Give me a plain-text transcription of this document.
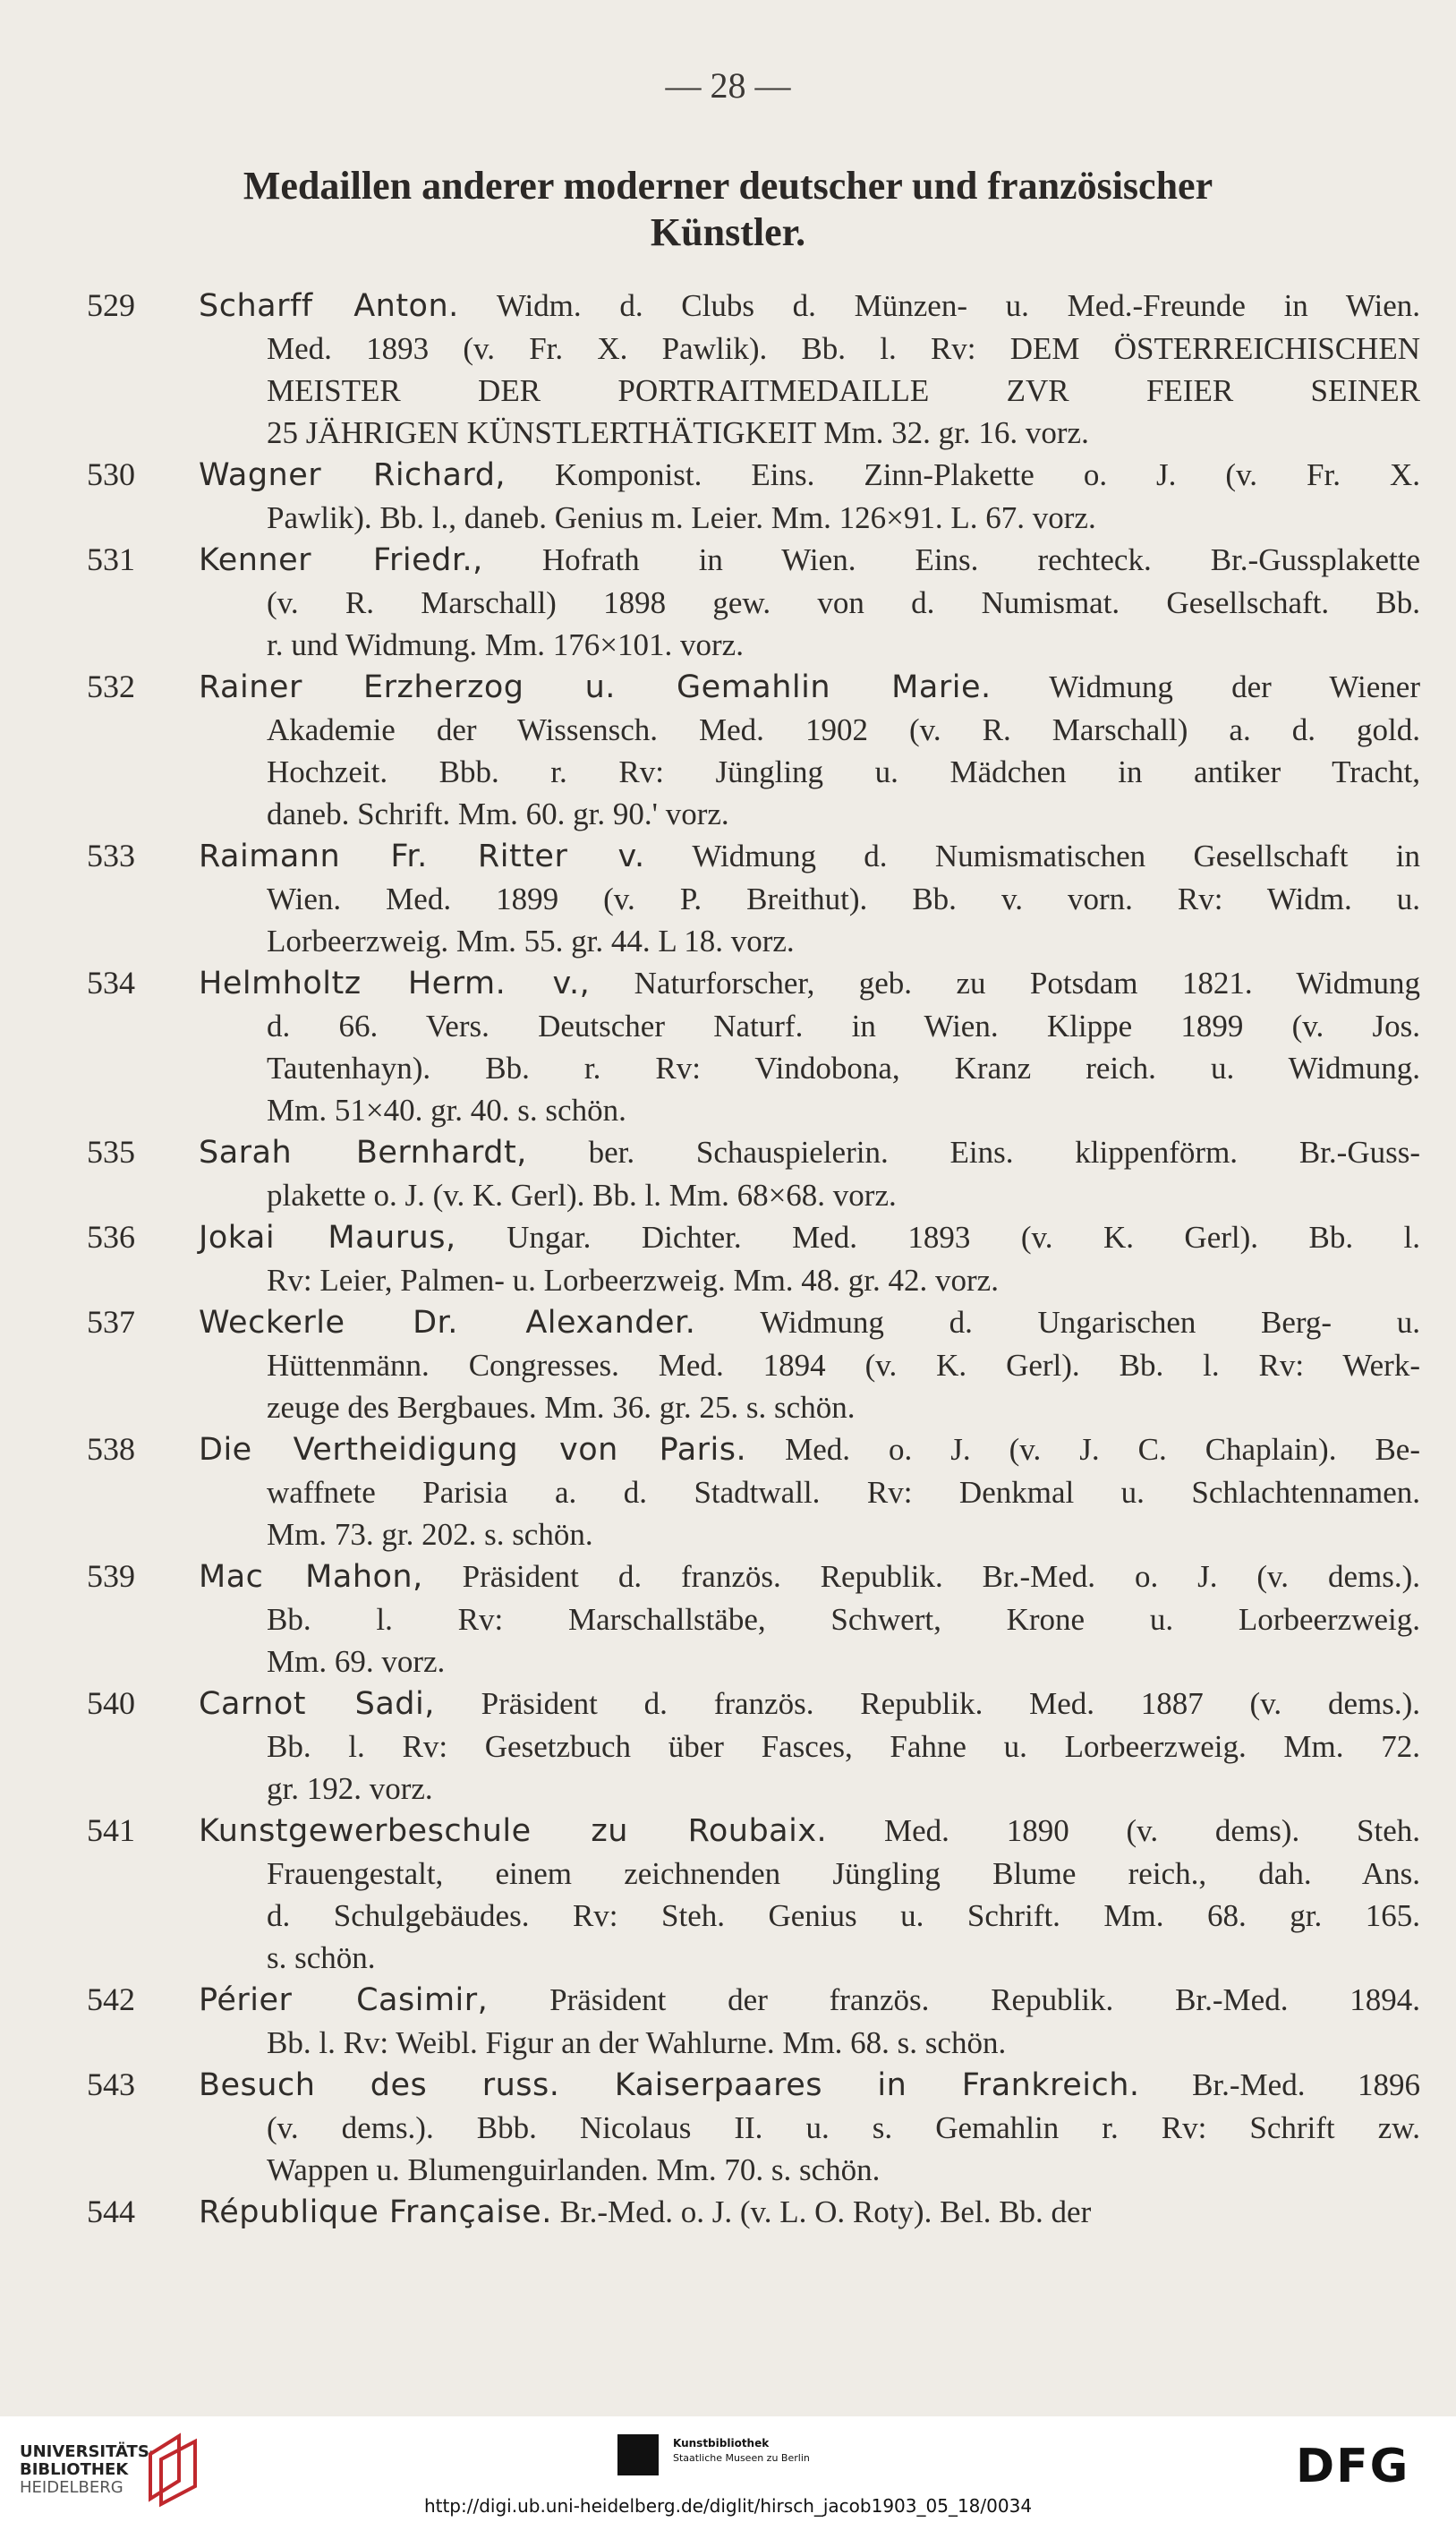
— 28 —
Medaillen anderer moderner deutscher und französischer
Künstler.
529 Scharff Anton. Widm. d. Clubs d. Münzen- u. Med.-Freunde in Wien.
Med. 1893 (v. Fr. X. Pawlik). Bb. l. Rv: DEM ÖSTERREICHISCHEN
MEISTER DER PORTRAITMEDAILLE ZVR FEIER SEINER
25 JÄHRIGEN KÜNSTLERTHÄTIGKEIT Mm. 32. gr. 16. vorz.
530 Wagner Richard, Komponist. Eins. Zinn-Plakette o. J. (v. Fr. X.
Pawlik). Bb. l., daneb. Genius m. Leier. Mm. 126×91. L. 67. vorz.
531 Kenner Friedr., Hofrath in Wien. Eins. rechteck. Br.-Gussplakette
(v. R. Marschall) 1898 gew. von d. Numismat. Gesellschaft. Bb.
r. und Widmung. Mm. 176×101. vorz.
532 Rainer Erzherzog u. Gemahlin Marie. Widmung der Wiener
Akademie der Wissensch. Med. 1902 (v. R. Marschall) a. d. gold.
Hochzeit. Bbb. r. Rv: Jüngling u. Mädchen in antiker Tracht,
daneb. Schrift. Mm. 60. gr. 90.' vorz.
533 Raimann Fr. Ritter v. Widmung d. Numismatischen Gesellschaft in
Wien. Med. 1899 (v. P. Breithut). Bb. v. vorn. Rv: Widm. u.
Lorbeerzweig. Mm. 55. gr. 44. L 18. vorz.
534 Helmholtz Herm. v., Naturforscher, geb. zu Potsdam 1821. Widmung
d. 66. Vers. Deutscher Naturf. in Wien. Klippe 1899 (v. Jos.
Tautenhayn). Bb. r. Rv: Vindobona, Kranz reich. u. Widmung.
Mm. 51×40. gr. 40. s. schön.
535 Sarah Bernhardt, ber. Schauspielerin. Eins. klippenförm. Br.-Guss-
plakette o. J. (v. K. Gerl). Bb. l. Mm. 68×68. vorz.
536 Jokai Maurus, Ungar. Dichter. Med. 1893 (v. K. Gerl). Bb. l.
Rv: Leier, Palmen- u. Lorbeerzweig. Mm. 48. gr. 42. vorz.
537 Weckerle Dr. Alexander. Widmung d. Ungarischen Berg- u.
Hüttenmänn. Congresses. Med. 1894 (v. K. Gerl). Bb. l. Rv: Werk-
zeuge des Bergbaues. Mm. 36. gr. 25. s. schön.
538 Die Vertheidigung von Paris. Med. o. J. (v. J. C. Chaplain). Be-
waffnete Parisia a. d. Stadtwall. Rv: Denkmal u. Schlachtennamen.
Mm. 73. gr. 202. s. schön.
539 Mac Mahon, Präsident d. französ. Republik. Br.-Med. o. J. (v. dems.).
Bb. l. Rv: Marschallstäbe, Schwert, Krone u. Lorbeerzweig.
Mm. 69. vorz.
540 Carnot Sadi, Präsident d. französ. Republik. Med. 1887 (v. dems.).
Bb. l. Rv: Gesetzbuch über Fasces, Fahne u. Lorbeerzweig. Mm. 72.
gr. 192. vorz.
541 Kunstgewerbeschule zu Roubaix. Med. 1890 (v. dems). Steh.
Frauengestalt, einem zeichnenden Jüngling Blume reich., dah. Ans.
d. Schulgebäudes. Rv: Steh. Genius u. Schrift. Mm. 68. gr. 165.
s. schön.
542 Périer Casimir, Präsident der französ. Republik. Br.-Med. 1894.
Bb. l. Rv: Weibl. Figur an der Wahlurne. Mm. 68. s. schön.
543 Besuch des russ. Kaiserpaares in Frankreich. Br.-Med. 1896
(v. dems.). Bbb. Nicolaus II. u. s. Gemahlin r. Rv: Schrift zw.
Wappen u. Blumenguirlanden. Mm. 70. s. schön.
544 République Française. Br.-Med. o. J. (v. L. O. Roty). Bel. Bb. der
UNIVERSITÄTS-
BIBLIOTHEK
HEIDELBERG
Kunstbibliothek
Staatliche Museen zu Berlin	DFG
http://digi.ub.uni-heidelberg.de/diglit/hirsch_jacob1903_05_18/0034
